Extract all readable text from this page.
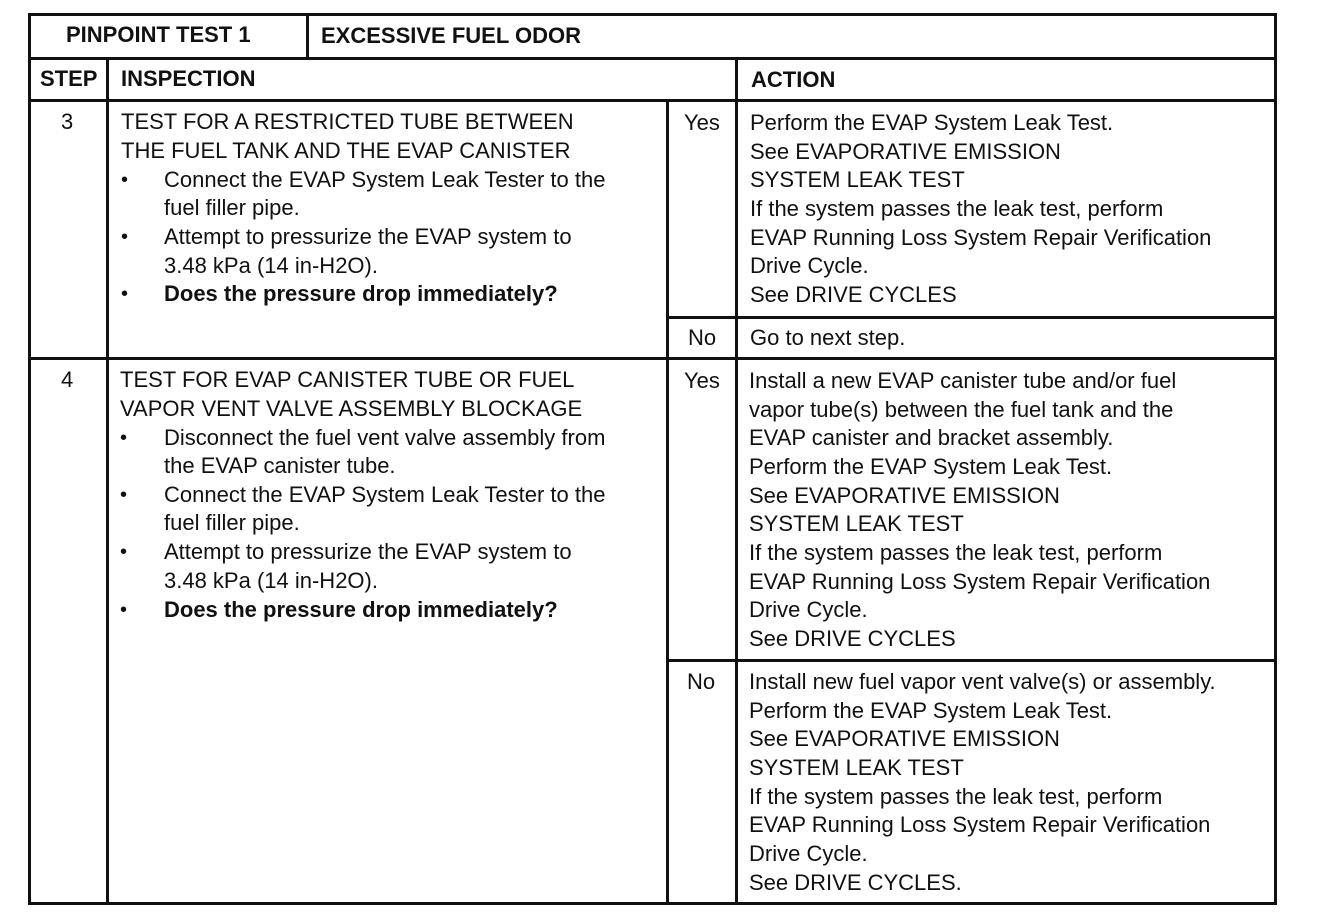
PINPOINT TEST 1	EXCESSIVE FUEL ODOR
STEP INSPECTION	ACTION
3 TEST FOR A RESTRICTED TUBE BETWEEN
THE FUEL TANK AND THE EVAP CANISTER
• Connect the EVAP System Leak Tester to the
fuel filler pipe.
• Attempt to pressurize the EVAP system to
3.48 kPa (14 in-H2O).
• Does the pressure drop immediately?
Yes Perform the EVAP System Leak Test.
See EVAPORATIVE EMISSION
SYSTEM LEAK TEST
If the system passes the leak test, perform
EVAP Running Loss System Repair Verification
Drive Cycle.
See DRIVE CYCLES
No Go to next step.
4 TEST FOR EVAP CANISTER TUBE OR FUEL
VAPOR VENT VALVE ASSEMBLY BLOCKAGE
• Disconnect the fuel vent valve assembly from
the EVAP canister tube.
• Connect the EVAP System Leak Tester to the
fuel filler pipe.
• Attempt to pressurize the EVAP system to
3.48 kPa (14 in-H2O).
• Does the pressure drop immediately?
Yes Install a new EVAP canister tube and/or fuel
vapor tube(s) between the fuel tank and the
EVAP canister and bracket assembly.
Perform the EVAP System Leak Test.
See EVAPORATIVE EMISSION
SYSTEM LEAK TEST
If the system passes the leak test, perform
EVAP Running Loss System Repair Verification
Drive Cycle.
See DRIVE CYCLES
No Install new fuel vapor vent valve(s) or assembly.
Perform the EVAP System Leak Test.
See EVAPORATIVE EMISSION
SYSTEM LEAK TEST
If the system passes the leak test, perform
EVAP Running Loss System Repair Verification
Drive Cycle.
See DRIVE CYCLES.
